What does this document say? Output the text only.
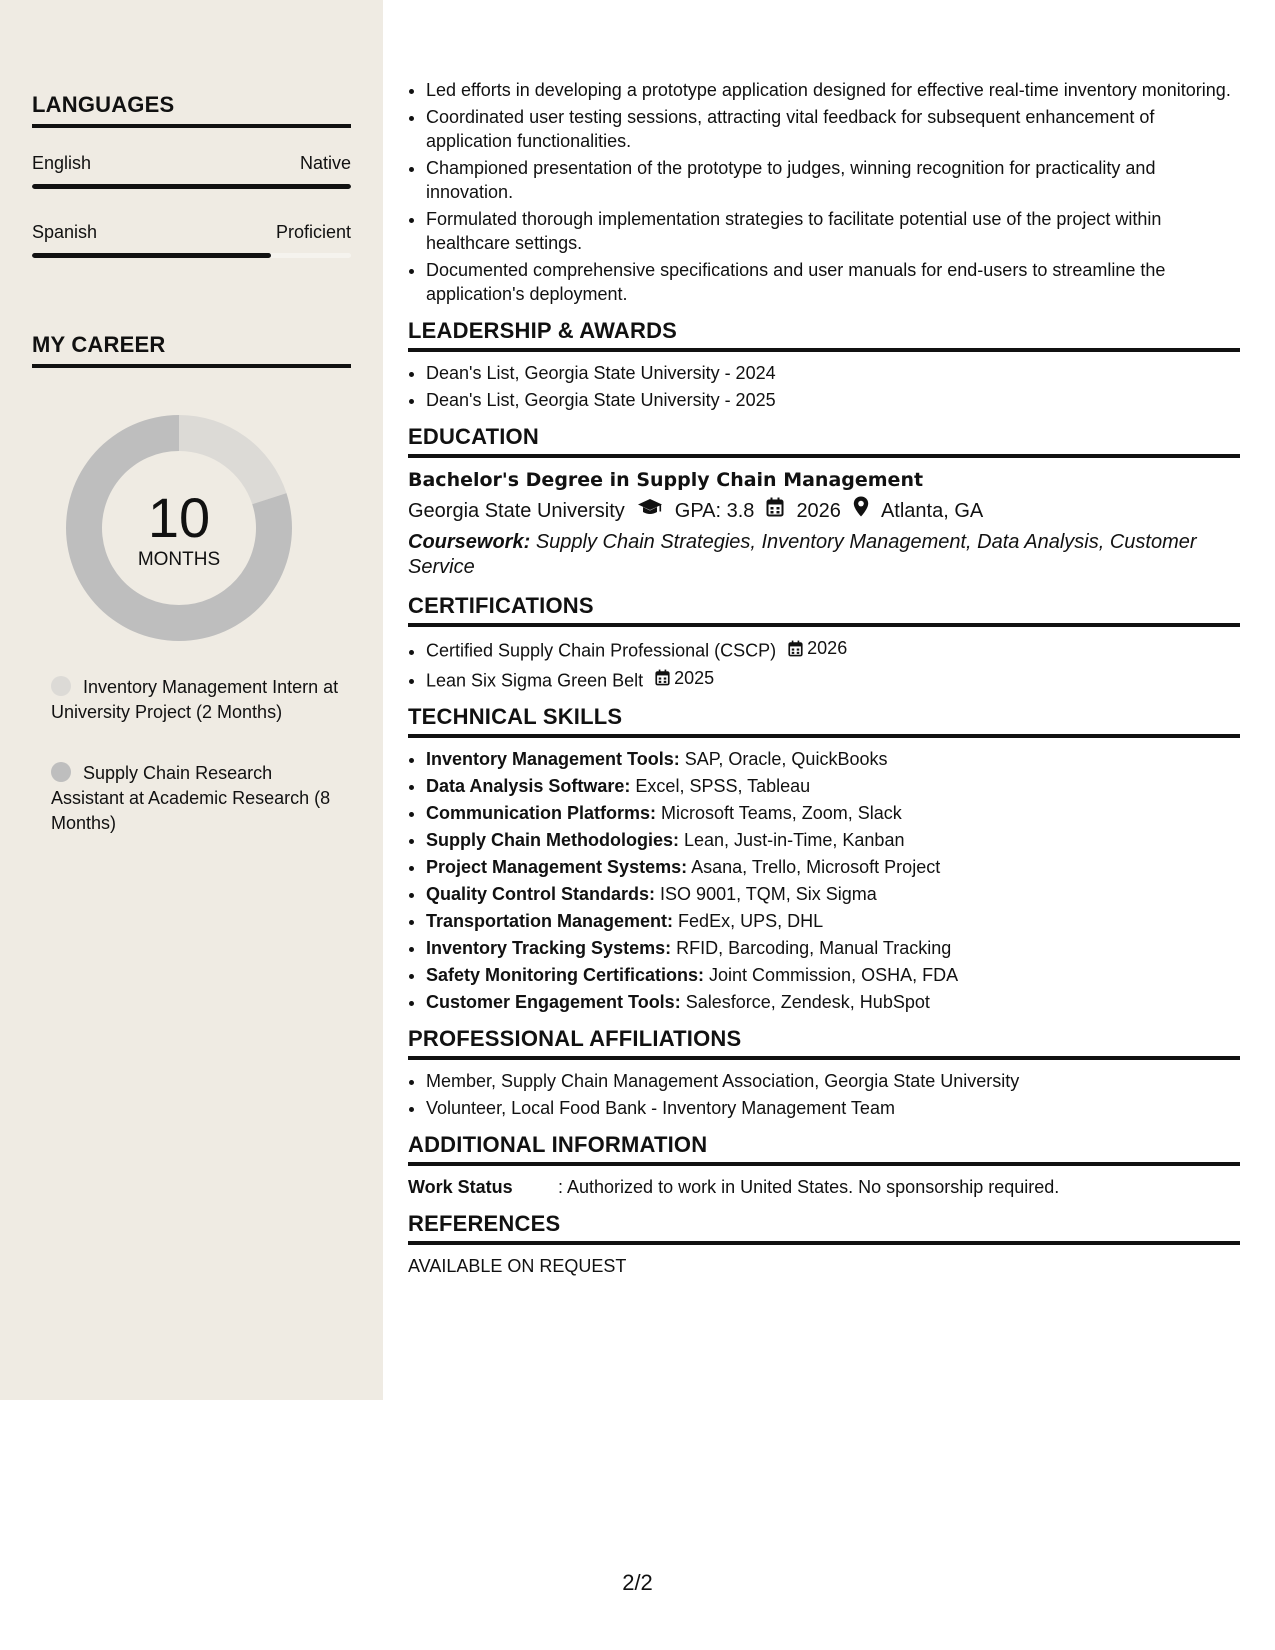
LANGUAGES
English	Native
Spanish	Proficient
MY CAREER
10
MONTHS
Inventory Management Intern at University Project (2 Months)
Supply Chain Research Assistant at Academic Research (8 Months)
• Led efforts in developing a prototype application designed for effective real-time inventory monitoring.
• Coordinated user testing sessions, attracting vital feedback for subsequent enhancement of application functionalities.
• Championed presentation of the prototype to judges, winning recognition for practicality and innovation.
• Formulated thorough implementation strategies to facilitate potential use of the project within healthcare settings.
• Documented comprehensive specifications and user manuals for end-users to streamline the application's deployment.
LEADERSHIP & AWARDS
• Dean's List, Georgia State University - 2024
• Dean's List, Georgia State University - 2025
EDUCATION
Bachelor's Degree in Supply Chain Management
Georgia State University	GPA: 3.8 2026 Atlanta, GA
Coursework: Supply Chain Strategies, Inventory Management, Data Analysis, Customer Service
CERTIFICATIONS
• Certified Supply Chain Professional (CSCP) 2026
• Lean Six Sigma Green Belt 2025
TECHNICAL SKILLS
• Inventory Management Tools: SAP, Oracle, QuickBooks
• Data Analysis Software: Excel, SPSS, Tableau
• Communication Platforms: Microsoft Teams, Zoom, Slack
• Supply Chain Methodologies: Lean, Just-in-Time, Kanban
• Project Management Systems: Asana, Trello, Microsoft Project
• Quality Control Standards: ISO 9001, TQM, Six Sigma
• Transportation Management: FedEx, UPS, DHL
• Inventory Tracking Systems: RFID, Barcoding, Manual Tracking
• Safety Monitoring Certifications: Joint Commission, OSHA, FDA
• Customer Engagement Tools: Salesforce, Zendesk, HubSpot
PROFESSIONAL AFFILIATIONS
• Member, Supply Chain Management Association, Georgia State University
• Volunteer, Local Food Bank - Inventory Management Team
ADDITIONAL INFORMATION
Work Status	: Authorized to work in United States. No sponsorship required.
REFERENCES
AVAILABLE ON REQUEST
2/2
